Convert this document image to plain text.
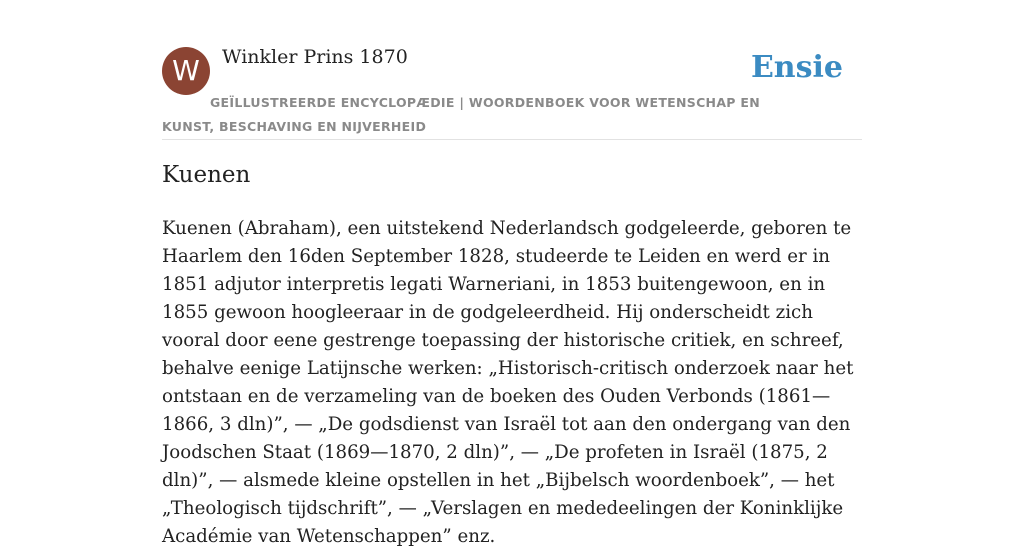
W	Winkler Prins 1870	Ensie
GEÏLLUSTREERDE ENCYCLOPÆDIE | WOORDENBOEK VOOR WETENSCHAP EN KUNST, BESCHAVING EN NIJVERHEID
Kuenen

Kuenen (Abraham), een uitstekend Nederlandsch godgeleerde, geboren te Haarlem den 16den September 1828, studeerde te Leiden en werd er in 1851 adjutor interpretis legati Warneriani, in 1853 buitengewoon, en in 1855 gewoon hoogleeraar in de godgeleerdheid. Hij onderscheidt zich vooral door eene gestrenge toepassing der historische critiek, en schreef, behalve eenige Latijnsche werken: „Historisch-critisch onderzoek naar het ontstaan en de verzameling van de boeken des Ouden Verbonds (1861—1866, 3 dln)”, — „De godsdienst van Israël tot aan den ondergang van den Joodschen Staat (1869—1870, 2 dln)”, — „De profeten in Israël (1875, 2 dln)”, — alsmede kleine opstellen in het „Bijbelsch woordenboek”, — het „Theologisch tijdschrift”, — „Verslagen en mededeelingen der Koninklijke Académie van Wetenschappen” enz.
